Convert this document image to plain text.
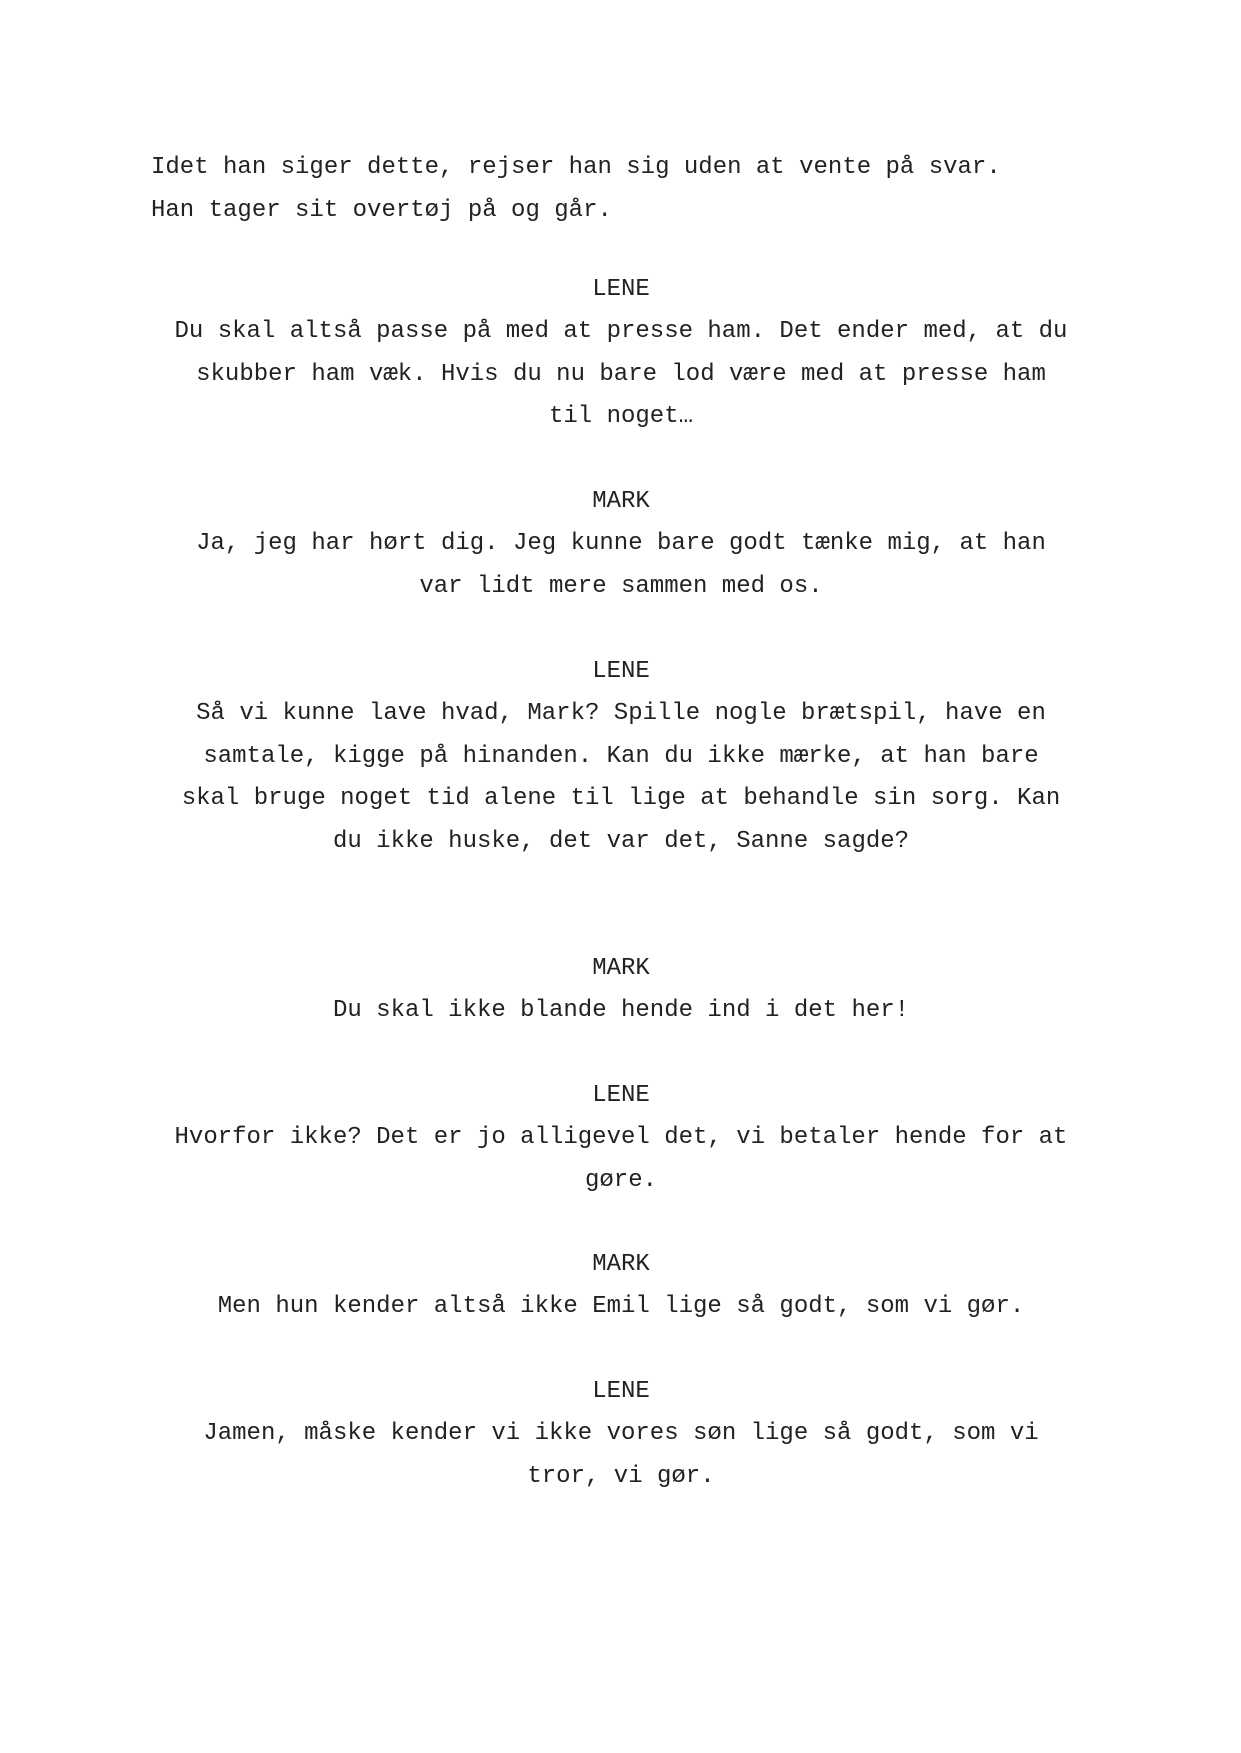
Idet han siger dette, rejser han sig uden at vente på svar.
Han tager sit overtøj på og går.
LENE
Du skal altså passe på med at presse ham. Det ender med, at du
skubber ham væk. Hvis du nu bare lod være med at presse ham
til noget…
MARK
Ja, jeg har hørt dig. Jeg kunne bare godt tænke mig, at han
var lidt mere sammen med os.
LENE
Så vi kunne lave hvad, Mark? Spille nogle brætspil, have en
samtale, kigge på hinanden. Kan du ikke mærke, at han bare
skal bruge noget tid alene til lige at behandle sin sorg. Kan
du ikke huske, det var det, Sanne sagde?
MARK
Du skal ikke blande hende ind i det her!
LENE
Hvorfor ikke? Det er jo alligevel det, vi betaler hende for at
gøre.
MARK
Men hun kender altså ikke Emil lige så godt, som vi gør.
LENE
Jamen, måske kender vi ikke vores søn lige så godt, som vi
tror, vi gør.
